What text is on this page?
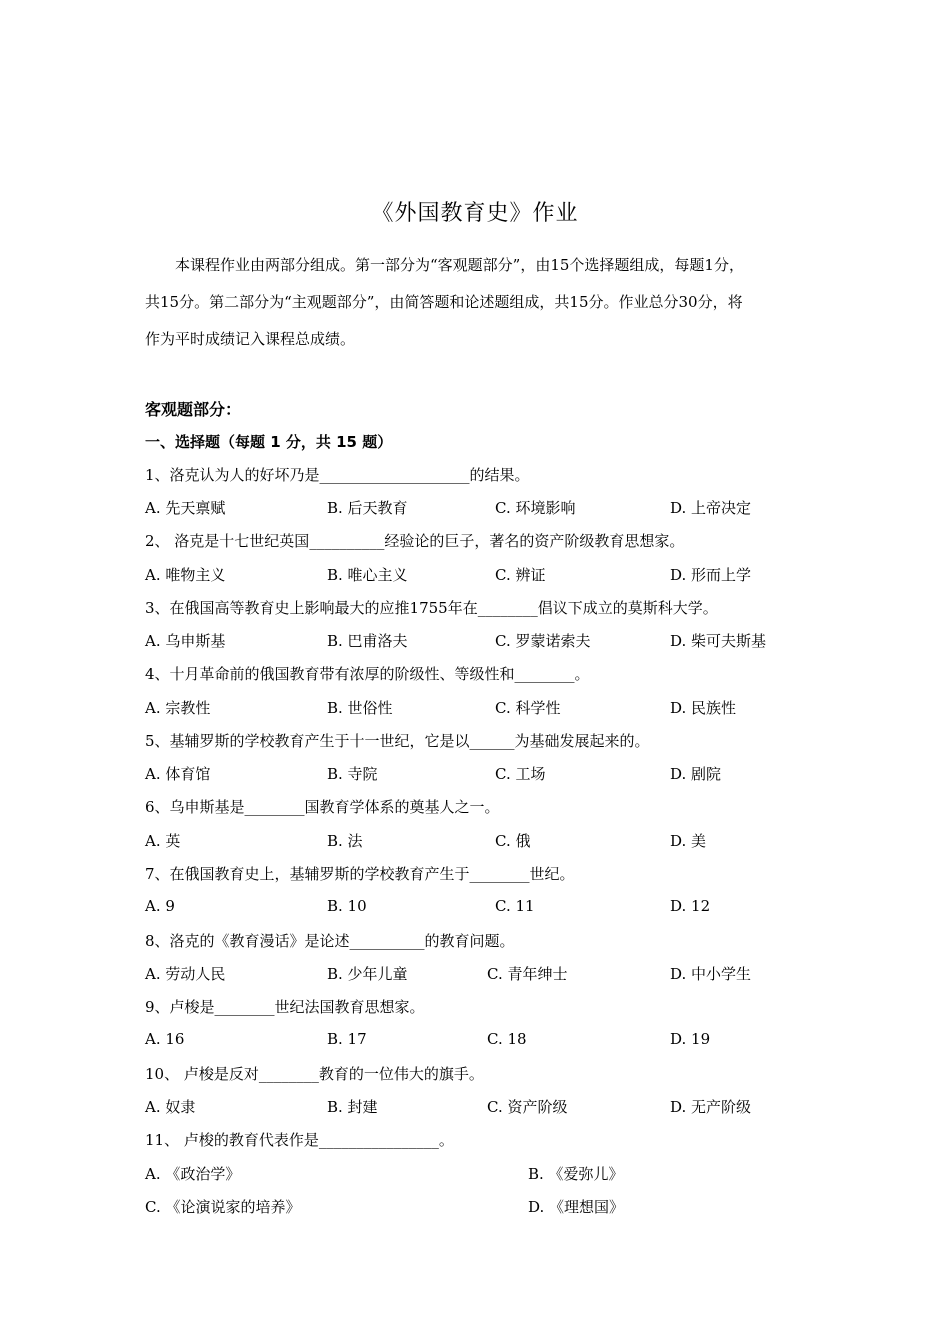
《外国教育史》作业
　　本课程作业由两部分组成。第一部分为“客观题部分”，由15个选择题组成，每题1分，
共15分。第二部分为“主观题部分”，由简答题和论述题组成，共15分。作业总分30分，将
作为平时成绩记入课程总成绩。
客观题部分：
一、选择题（每题 1 分，共 15 题）
1、洛克认为人的好坏乃是____________________的结果。
A. 先天禀赋	B. 后天教育	C. 环境影响	D. 上帝决定
2、 洛克是十七世纪英国__________经验论的巨子，著名的资产阶级教育思想家。
A. 唯物主义	B. 唯心主义	C. 辨证	D. 形而上学
3、在俄国高等教育史上影响最大的应推1755年在________倡议下成立的莫斯科大学。
A. 乌申斯基	B. 巴甫洛夫	C. 罗蒙诺索夫	D. 柴可夫斯基
4、十月革命前的俄国教育带有浓厚的阶级性、等级性和________。
A. 宗教性	B. 世俗性	C. 科学性	D. 民族性
5、基辅罗斯的学校教育产生于十一世纪，它是以______为基础发展起来的。
A. 体育馆	B. 寺院	C. 工场	D. 剧院
6、乌申斯基是________国教育学体系的奠基人之一。
A. 英	B. 法	C. 俄	D. 美
7、在俄国教育史上，基辅罗斯的学校教育产生于________世纪。
A. 9	B. 10	C. 11	D. 12
8、洛克的《教育漫话》是论述__________的教育问题。
A. 劳动人民	B. 少年儿童	C. 青年绅士	D. 中小学生
9、卢梭是________世纪法国教育思想家。
A. 16	B. 17	C. 18	D. 19
10、 卢梭是反对________教育的一位伟大的旗手。
A. 奴隶	B. 封建	C. 资产阶级	D. 无产阶级
11、 卢梭的教育代表作是________________。
A. 《政治学》	B. 《爱弥儿》
C. 《论演说家的培养》	D. 《理想国》
